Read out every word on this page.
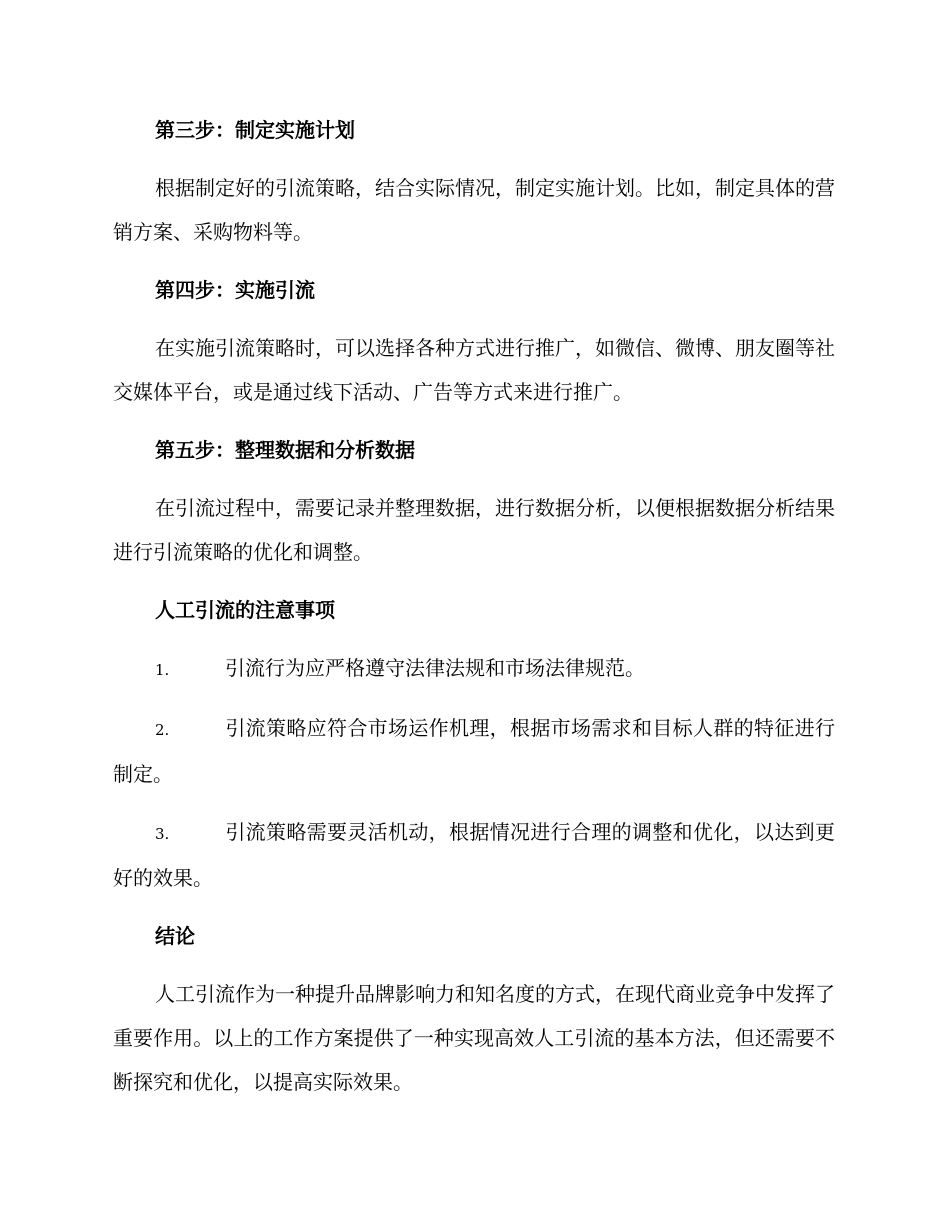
第三步：制定实施计划

根据制定好的引流策略，结合实际情况，制定实施计划。比如，制定具体的营销方案、采购物料等。

第四步：实施引流

在实施引流策略时，可以选择各种方式进行推广，如微信、微博、朋友圈等社交媒体平台，或是通过线下活动、广告等方式来进行推广。

第五步：整理数据和分析数据

在引流过程中，需要记录并整理数据，进行数据分析，以便根据数据分析结果进行引流策略的优化和调整。

人工引流的注意事项

1.	引流行为应严格遵守法律法规和市场法律规范。

2.	引流策略应符合市场运作机理，根据市场需求和目标人群的特征进行制定。

3.	引流策略需要灵活机动，根据情况进行合理的调整和优化，以达到更好的效果。

结论

人工引流作为一种提升品牌影响力和知名度的方式，在现代商业竞争中发挥了重要作用。以上的工作方案提供了一种实现高效人工引流的基本方法，但还需要不断探究和优化，以提高实际效果。
